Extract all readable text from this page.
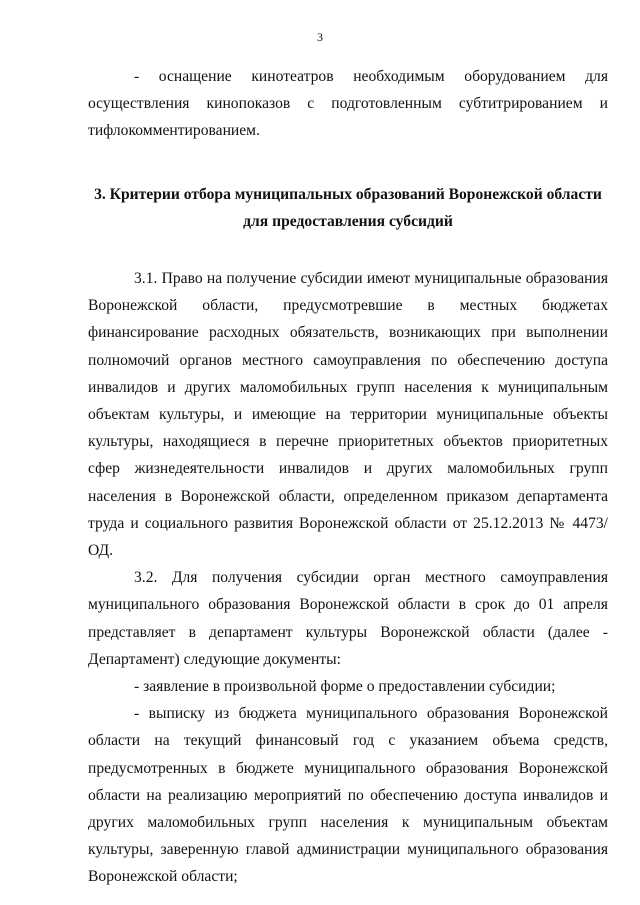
3

- оснащение кинотеатров необходимым оборудованием для осуществления кинопоказов с подготовленным субтитрированием и тифлокомментированием.

3. Критерии отбора муниципальных образований Воронежской области
для предоставления субсидий

3.1. Право на получение субсидии имеют муниципальные образования Воронежской области, предусмотревшие в местных бюджетах финансирование расходных обязательств, возникающих при выполнении полномочий органов местного самоуправления по обеспечению доступа инвалидов и других маломобильных групп населения к муниципальным объектам культуры, и имеющие на территории муниципальные объекты культуры, находящиеся в перечне приоритетных объектов приоритетных сфер жизнедеятельности инвалидов и других маломобильных групп населения в Воронежской области, определенном приказом департамента труда и социального развития Воронежской области от 25.12.2013 № 4473/ОД.

3.2. Для получения субсидии орган местного самоуправления муниципального образования Воронежской области в срок до 01 апреля представляет в департамент культуры Воронежской области (далее - Департамент) следующие документы:

- заявление в произвольной форме о предоставлении субсидии;

- выписку из бюджета муниципального образования Воронежской области на текущий финансовый год с указанием объема средств, предусмотренных в бюджете муниципального образования Воронежской области на реализацию мероприятий по обеспечению доступа инвалидов и других маломобильных групп населения к муниципальным объектам культуры, заверенную главой администрации муниципального образования Воронежской области;
